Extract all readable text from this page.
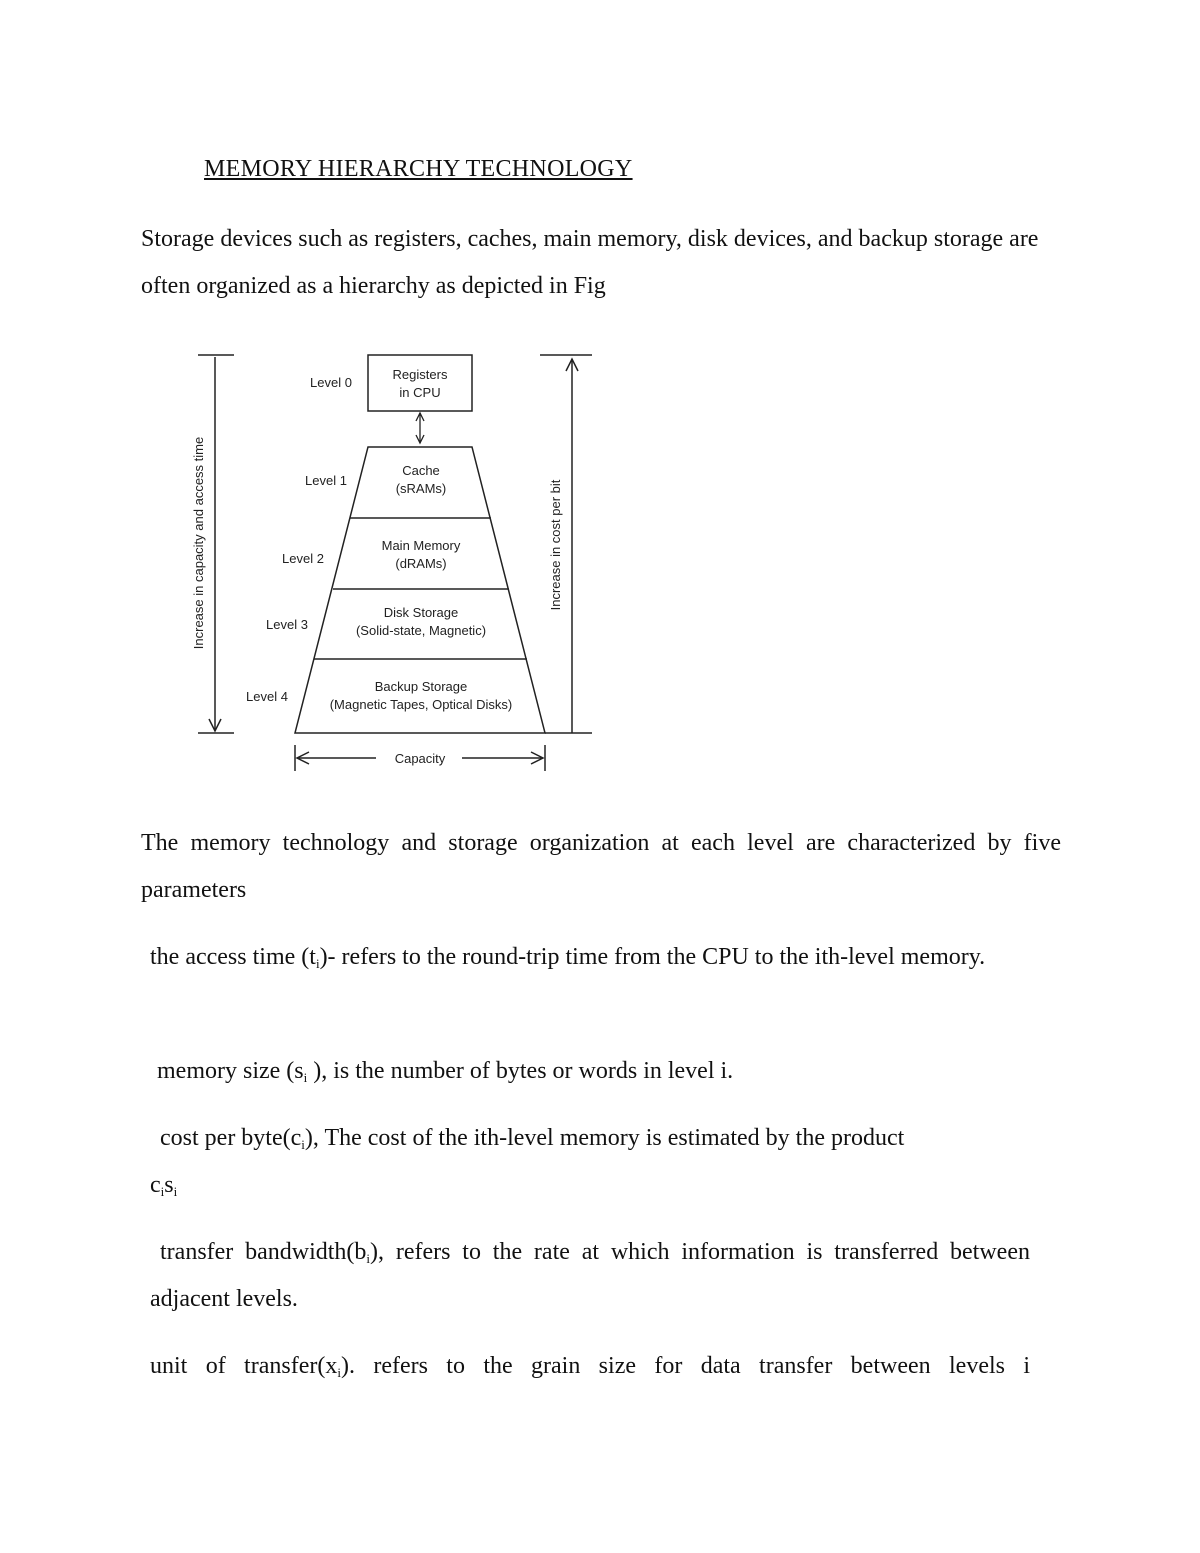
MEMORY HIERARCHY TECHNOLOGY

Storage devices such as registers, caches, main memory, disk devices, and backup storage are often organized as a hierarchy as depicted in Fig

Increase in capacity and access time	Increase in cost per bit
Registers
in CPU
Level 0
Level 1
Cache
(sRAMs)
Level 2
Main Memory
(dRAMs)
Level 3
Disk Storage
(Solid-state, Magnetic)
Level 4
Backup Storage
(Magnetic Tapes, Optical Disks)
Capacity

The memory technology and storage organization at each level are characterized by five parameters

the access time $(t_i)-$ refers to the round-trip time from the CPU to the ith-level memory.

memory size ($s_i$ ), is the number of bytes or words in level i.

cost per $byte(c_i)$, The cost of the ith-level memory is estimated by the product

$c_is_i$

transfer $bandwidth(b_i)$, refers to the rate at which information is transferred between adjacent levels.

unit of $transfer(x_i)$. refers to the grain size for data transfer between levels i
